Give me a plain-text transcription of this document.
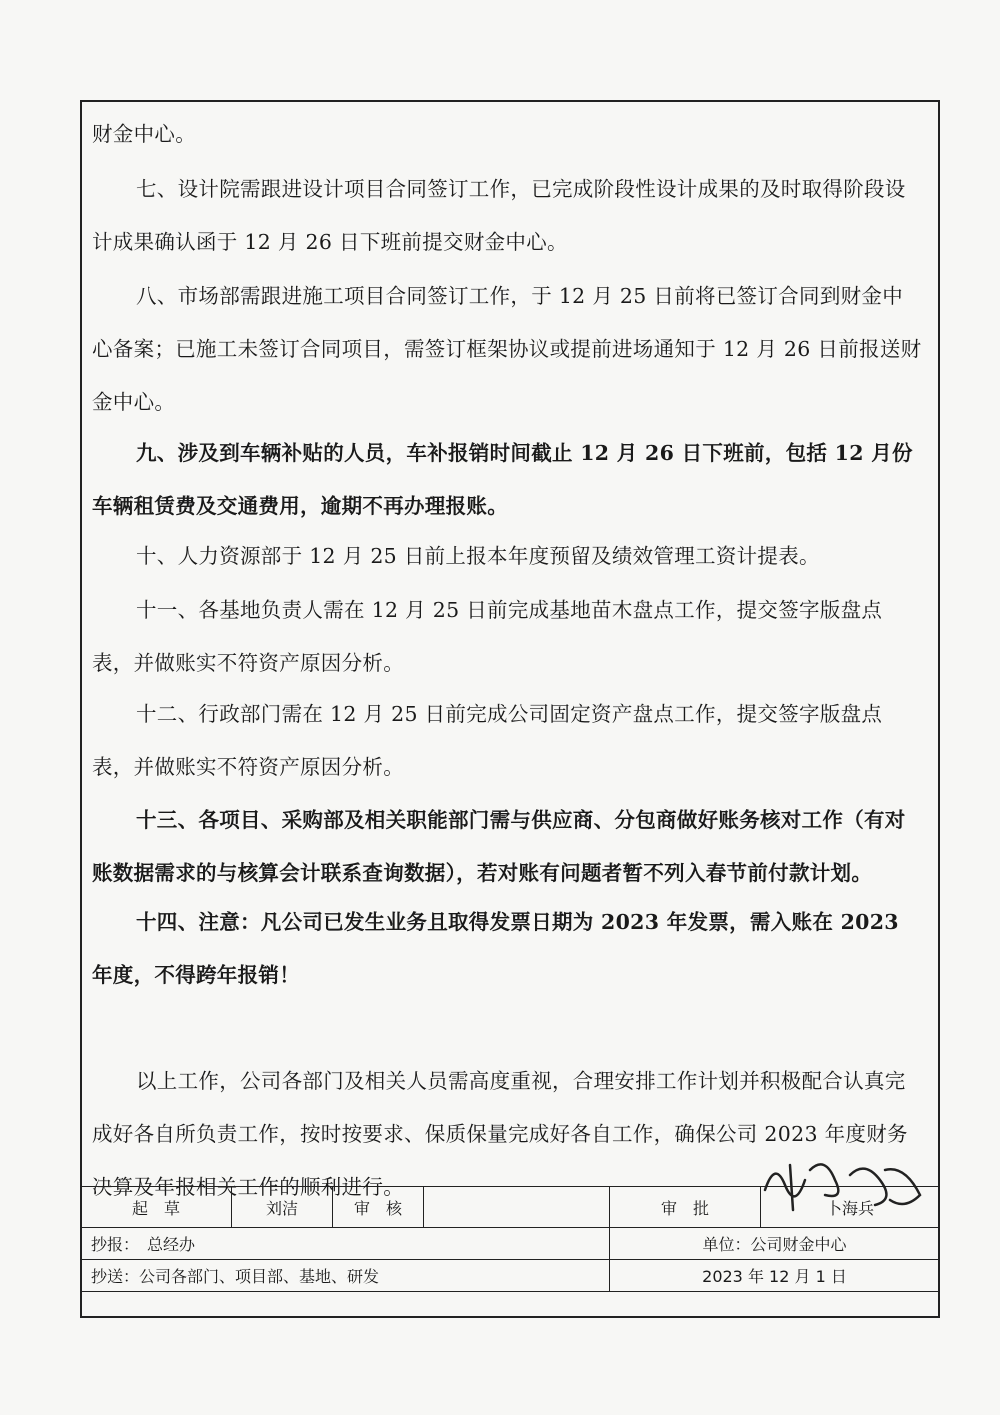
财金中心。

七、设计院需跟进设计项目合同签订工作，已完成阶段性设计成果的及时取得阶段设计成果确认函于 12 月 26 日下班前提交财金中心。

八、市场部需跟进施工项目合同签订工作，于 12 月 25 日前将已签订合同到财金中心备案；已施工未签订合同项目，需签订框架协议或提前进场通知于 12 月 26 日前报送财金中心。

九、涉及到车辆补贴的人员，车补报销时间截止 12 月 26 日下班前，包括 12 月份车辆租赁费及交通费用，逾期不再办理报账。

十、人力资源部于 12 月 25 日前上报本年度预留及绩效管理工资计提表。

十一、各基地负责人需在 12 月 25 日前完成基地苗木盘点工作，提交签字版盘点表，并做账实不符资产原因分析。

十二、行政部门需在 12 月 25 日前完成公司固定资产盘点工作，提交签字版盘点表，并做账实不符资产原因分析。

十三、各项目、采购部及相关职能部门需与供应商、分包商做好账务核对工作（有对账数据需求的与核算会计联系查询数据），若对账有问题者暂不列入春节前付款计划。

十四、注意：凡公司已发生业务且取得发票日期为 2023 年发票，需入账在 2023 年度，不得跨年报销！

以上工作，公司各部门及相关人员需高度重视，合理安排工作计划并积极配合认真完成好各自所负责工作，按时按要求、保质保量完成好各自工作，确保公司 2023 年度财务决算及年报相关工作的顺利进行。

起　草	刘洁	审　核		审　批	卜海兵
抄报：　总经办				单位：公司财金中心	
抄送：公司各部门、项目部、基地、研发				2023 年 12 月 1 日	
